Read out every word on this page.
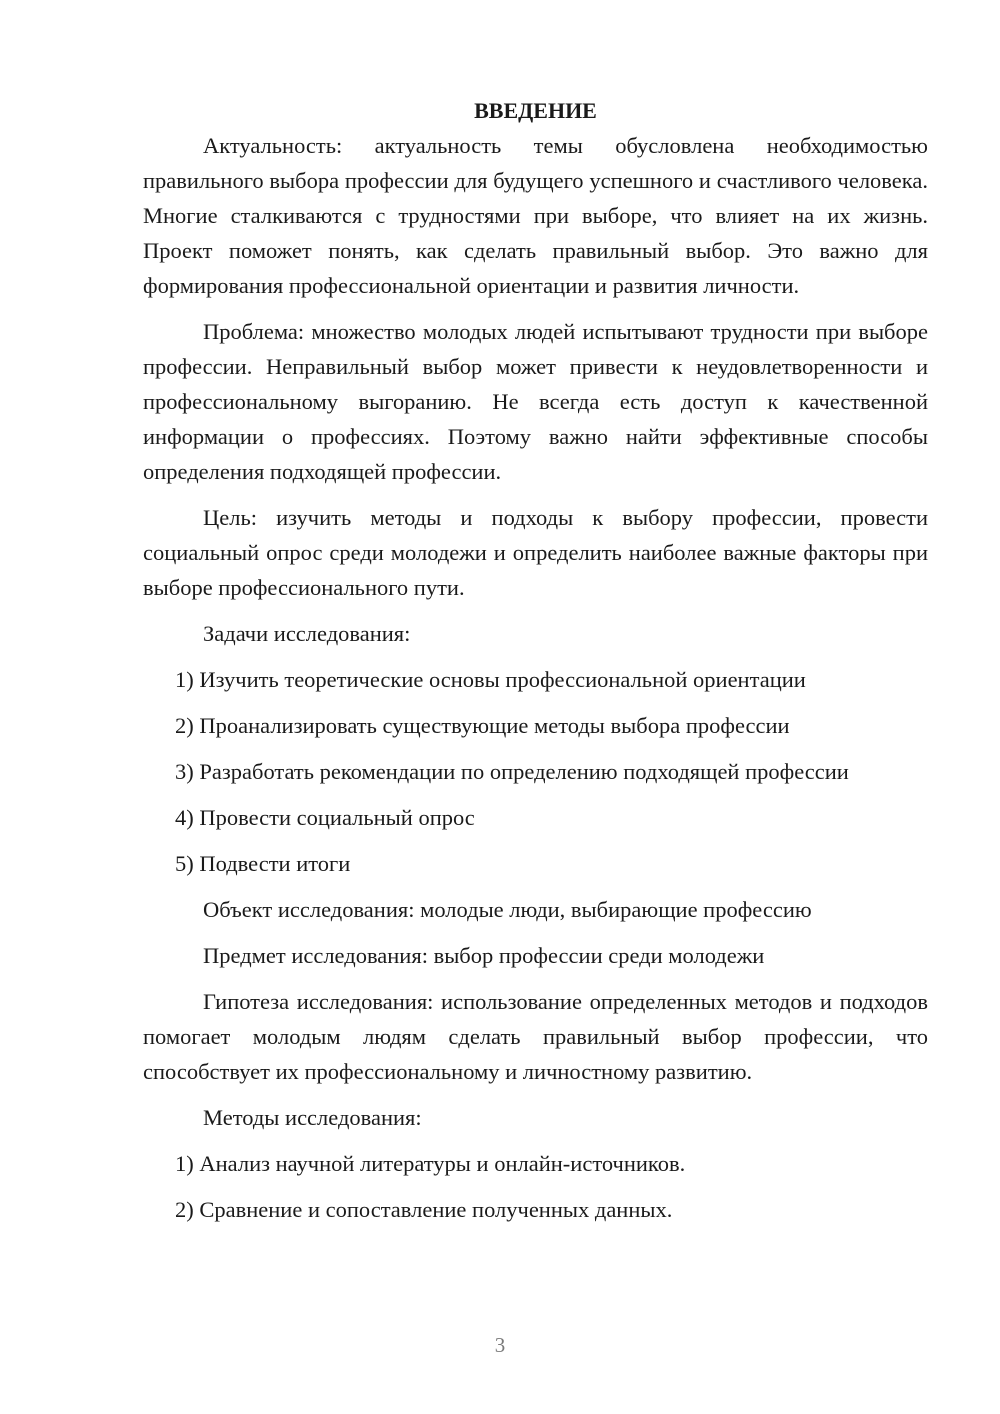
ВВЕДЕНИЕ

Актуальность: актуальность темы обусловлена необходимостью правильного выбора профессии для будущего успешного и счастливого человека. Многие сталкиваются с трудностями при выборе, что влияет на их жизнь. Проект поможет понять, как сделать правильный выбор. Это важно для формирования профессиональной ориентации и развития личности.

Проблема: множество молодых людей испытывают трудности при выборе профессии. Неправильный выбор может привести к неудовлетворенности и профессиональному выгоранию. Не всегда есть доступ к качественной информации о профессиях. Поэтому важно найти эффективные способы определения подходящей профессии.

Цель: изучить методы и подходы к выбору профессии, провести социальный опрос среди молодежи и определить наиболее важные факторы при выборе профессионального пути.

Задачи исследования:

1) Изучить теоретические основы профессиональной ориентации

2) Проанализировать существующие методы выбора профессии

3) Разработать рекомендации по определению подходящей профессии

4) Провести социальный опрос

5) Подвести итоги

Объект исследования: молодые люди, выбирающие профессию

Предмет исследования: выбор профессии среди молодежи

Гипотеза исследования: использование определенных методов и подходов помогает молодым людям сделать правильный выбор профессии, что способствует их профессиональному и личностному развитию.

Методы исследования:

1) Анализ научной литературы и онлайн-источников.

2) Сравнение и сопоставление полученных данных.

3
